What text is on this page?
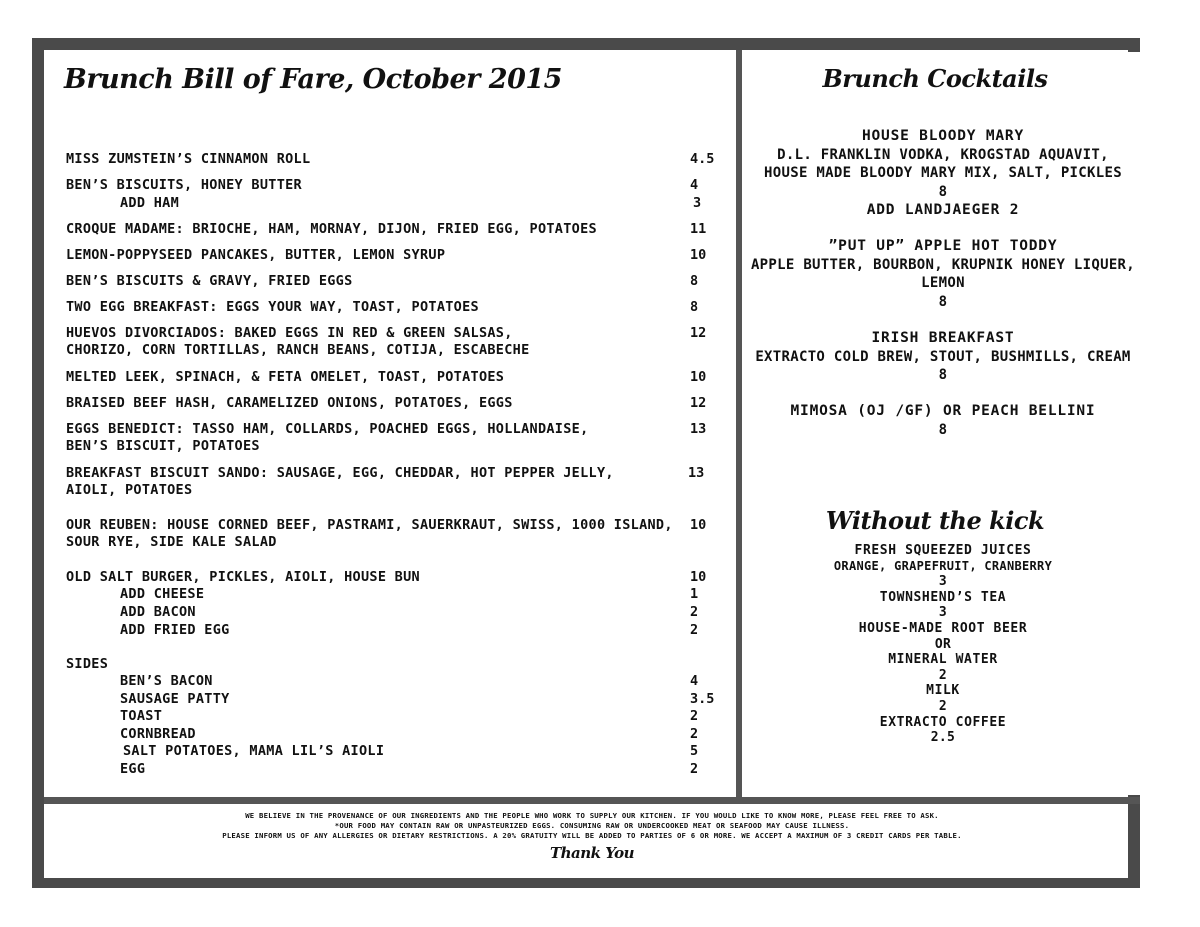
Brunch Bill of Fare, October 2015
MISS ZUMSTEIN’S CINNAMON ROLL	4.5
BEN’S BISCUITS, HONEY BUTTER	4
ADD HAM	3
CROQUE MADAME: BRIOCHE, HAM, MORNAY, DIJON, FRIED EGG, POTATOES	11
LEMON-POPPYSEED PANCAKES, BUTTER, LEMON SYRUP	10
BEN’S BISCUITS & GRAVY, FRIED EGGS	8
TWO EGG BREAKFAST: EGGS YOUR WAY, TOAST, POTATOES	8
HUEVOS DIVORCIADOS: BAKED EGGS IN RED & GREEN SALSAS,
CHORIZO, CORN TORTILLAS, RANCH BEANS, COTIJA, ESCABECHE
12
MELTED LEEK, SPINACH, & FETA OMELET, TOAST, POTATOES	10
BRAISED BEEF HASH, CARAMELIZED ONIONS, POTATOES, EGGS	12
EGGS BENEDICT: TASSO HAM, COLLARDS, POACHED EGGS, HOLLANDAISE,
BEN’S BISCUIT, POTATOES
13
BREAKFAST BISCUIT SANDO: SAUSAGE, EGG, CHEDDAR, HOT PEPPER JELLY,
AIOLI, POTATOES
13
OUR REUBEN: HOUSE CORNED BEEF, PASTRAMI, SAUERKRAUT, SWISS, 1000 ISLAND,
SOUR RYE, SIDE KALE SALAD
10
OLD SALT BURGER, PICKLES, AIOLI, HOUSE BUN	10
ADD CHEESE	1
ADD BACON	2
ADD FRIED EGG	2
SIDES
BEN’S BACON	4
SAUSAGE PATTY	3.5
TOAST	2
CORNBREAD	2
SALT POTATOES, MAMA LIL’S AIOLI	5
EGG	2
Brunch Cocktails
HOUSE BLOODY MARY
D.L. FRANKLIN VODKA, KROGSTAD AQUAVIT,
HOUSE MADE BLOODY MARY MIX, SALT, PICKLES
8
ADD LANDJAEGER 2
”PUT UP” APPLE HOT TODDY
APPLE BUTTER, BOURBON, KRUPNIK HONEY LIQUER,
LEMON
8
IRISH BREAKFAST
EXTRACTO COLD BREW, STOUT, BUSHMILLS, CREAM
8
MIMOSA (OJ /GF) OR PEACH BELLINI
8
Without the kick
FRESH SQUEEZED JUICES
ORANGE, GRAPEFRUIT, CRANBERRY
3
TOWNSHEND’S TEA
3
HOUSE-MADE ROOT BEER
OR
MINERAL WATER
2
MILK
2
EXTRACTO COFFEE
2.5
WE BELIEVE IN THE PROVENANCE OF OUR INGREDIENTS AND THE PEOPLE WHO WORK TO SUPPLY OUR KITCHEN. IF YOU WOULD LIKE TO KNOW MORE, PLEASE FEEL FREE TO ASK.
*OUR FOOD MAY CONTAIN RAW OR UNPASTEURIZED EGGS. CONSUMING RAW OR UNDERCOOKED MEAT OR SEAFOOD MAY CAUSE ILLNESS.
PLEASE INFORM US OF ANY ALLERGIES OR DIETARY RESTRICTIONS. A 20% GRATUITY WILL BE ADDED TO PARTIES OF 6 OR MORE. WE ACCEPT A MAXIMUM OF 3 CREDIT CARDS PER TABLE.
Thank You
